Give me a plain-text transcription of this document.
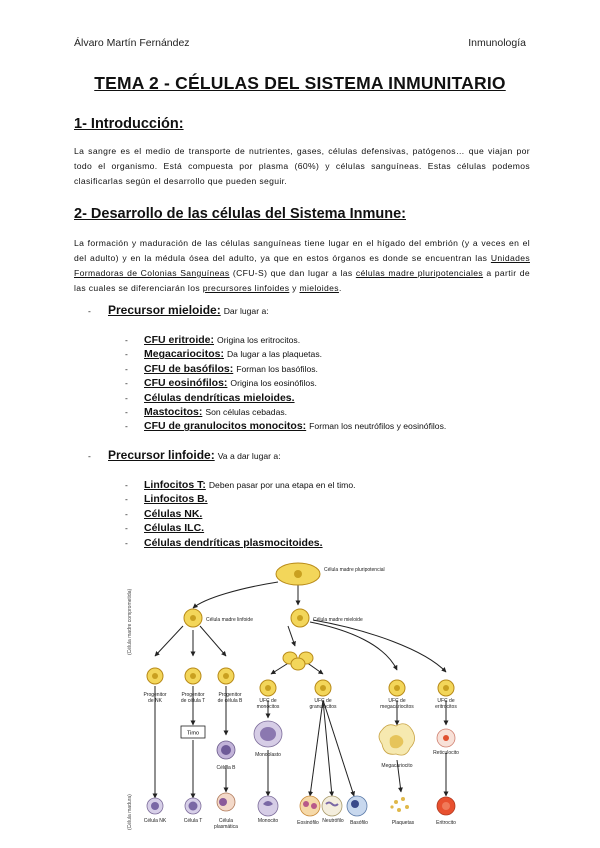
Álvaro Martín Fernández	Inmunología
TEMA 2 - CÉLULAS DEL SISTEMA INMUNITARIO
1- Introducción:
La sangre es el medio de transporte de nutrientes, gases, células defensivas, patógenos… que viajan por todo el organismo. Está compuesta por plasma (60%) y células sanguíneas. Estas células podemos clasificarlas según el desarrollo que pueden seguir.
2- Desarrollo de las células del Sistema Inmune:
La formación y maduración de las células sanguíneas tiene lugar en el hígado del embrión (y a veces en el del adulto) y en la médula ósea del adulto, ya que en estos órganos es donde se encuentran las Unidades Formadoras de Colonias Sanguíneas (CFU-S) que dan lugar a las células madre pluripotenciales a partir de las cuales se diferenciarán los precursores linfoides y mieloides.
- Precursor mieloide: Dar lugar a:
- CFU eritroide: Origina los eritrocitos.
- Megacariocitos: Da lugar a las plaquetas.
- CFU de basófilos: Forman los basófilos.
- CFU eosinófilos: Origina los eosinófilos.
- Células dendríticas mieloides.
- Mastocitos: Son células cebadas.
- CFU de granulocitos monocitos: Forman los neutrófilos y eosinófilos.
- Precursor linfoide: Va a dar lugar a:
- Linfocitos T: Deben pasar por una etapa en el timo.
- Linfocitos B.
- Células NK.
- Células ILC.
- Células dendríticas plasmocitoides.
(Célula madre comprometida)
(Célula madura)
Timo
Célula madre pluripotencial
Célula madre linfoide	Célula madre mieloide
Progenitor
de NK
Progenitor
de célula T
Progenitor
de célula B	UFC de
monocitos
UFC de
granulocitos
UFC de
megacariocitos
UFC de
eritrocitos
Célula B
Monoblasto
Megacariocito
Reticulocito
Célula NK	Célula T	Célula
plasmática
Monocito	Eosinófilo Neutrófilo Basófilo	Plaquetas	Eritrocito
